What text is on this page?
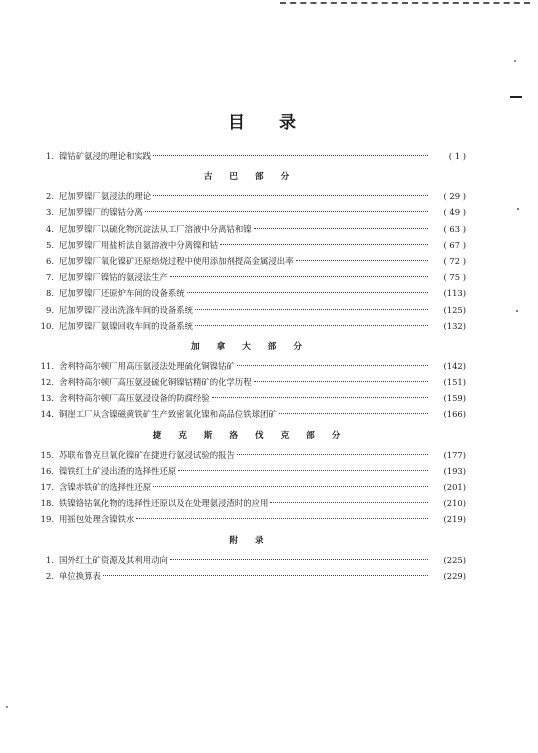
目 录
1. 镍钴矿氨浸的理论和实践	( 1 )
古 巴 部 分
2. 尼加罗镍厂氨浸法的理论	( 29 )
3. 尼加罗镍厂的镍钴分离	( 49 )
4. 尼加罗镍厂以硫化物沉淀法从工厂溶液中分离钴和镍	( 63 )
5. 尼加罗镍厂用盐析法自氨溶液中分离镍和钴	( 67 )
6. 尼加罗镍厂氧化镍矿还原焙烧过程中使用添加剂提高金属浸出率	( 72 )
7. 尼加罗镍厂镍钴的氨浸法生产	( 75 )
8. 尼加罗镍厂还原炉车间的设备系统	(113)
9. 尼加罗镍厂浸出洗涤车间的设备系统	(125)
10. 尼加罗镍厂氨镍回收车间的设备系统	(132)
加 拿 大 部 分
11. 舍利特高尔顿厂用高压氨浸法处理硫化铜镍钴矿	(142)
12. 舍利特高尔顿厂高压氨浸硫化铜镍钴精矿的化学历程	(151)
13. 舍利特高尔顿厂高压氨浸设备的防腐经验	(159)
14. 铜崖工厂从含镍磁黄铁矿生产致密氧化镍和高品位铁球团矿	(166)
捷 克 斯 洛 伐 克 部 分
15. 苏联布鲁克旦氧化镍矿在捷进行氨浸试验的报告	(177)
16. 镍铁红土矿浸出渣的选择性还原	(193)
17. 含镍赤铁矿的选择性还原	(201)
18. 铁镍铬钴氧化物的选择性还原以及在处理氨浸渣时的应用	(210)
19. 用摇包处理含镍铁水	(219)
附 录
1. 国外红土矿资源及其利用动向	(225)
2. 单位换算表	(229)
